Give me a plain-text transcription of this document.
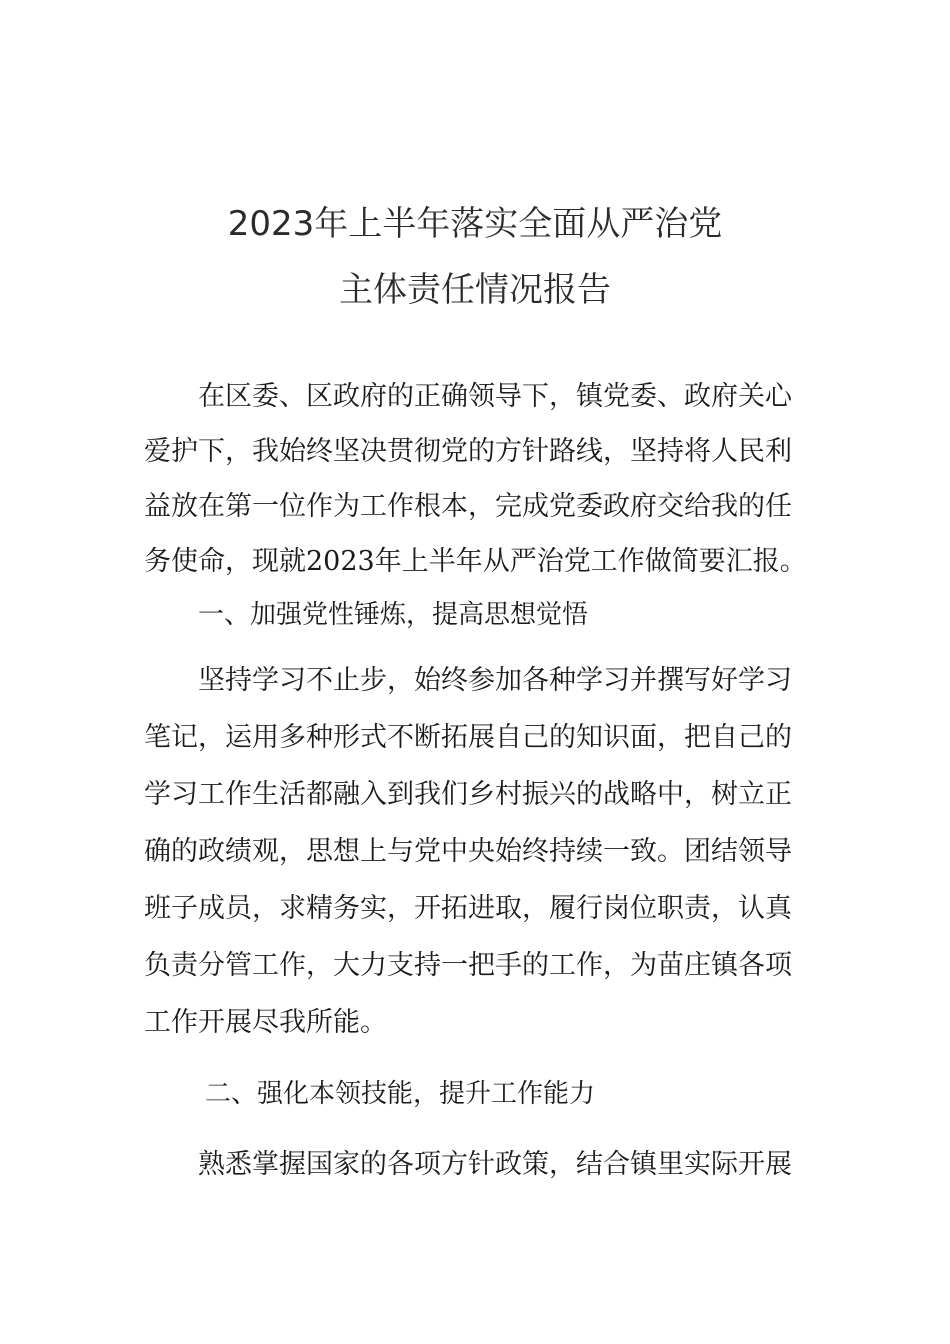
2023年上半年落实全面从严治党
主体责任情况报告
在区委、区政府的正确领导下，镇党委、政府关心
爱护下，我始终坚决贯彻党的方针路线，坚持将人民利
益放在第一位作为工作根本，完成党委政府交给我的任
务使命，现就2023年上半年从严治党工作做简要汇报。
一、加强党性锤炼，提高思想觉悟
坚持学习不止步，始终参加各种学习并撰写好学习
笔记，运用多种形式不断拓展自己的知识面，把自己的
学习工作生活都融入到我们乡村振兴的战略中，树立正
确的政绩观，思想上与党中央始终持续一致。团结领导
班子成员，求精务实，开拓进取，履行岗位职责，认真
负责分管工作，大力支持一把手的工作，为苗庄镇各项
工作开展尽我所能。
二、强化本领技能，提升工作能力
熟悉掌握国家的各项方针政策，结合镇里实际开展
